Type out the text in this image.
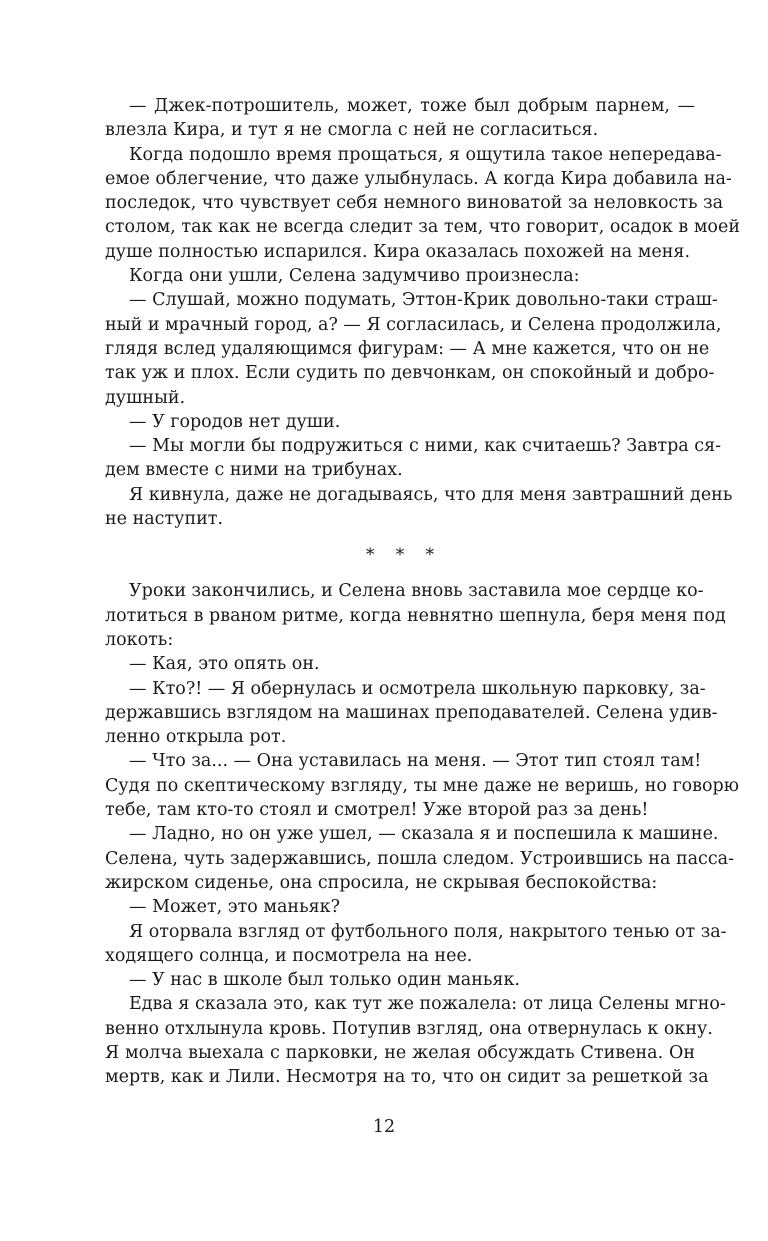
— Джек-потрошитель, может, тоже был добрым парнем, —
влезла Кира, и тут я не смогла с ней не согласиться.
Когда подошло время прощаться, я ощутила такое непередава-
емое облегчение, что даже улыбнулась. А когда Кира добавила на-
последок, что чувствует себя немного виноватой за неловкость за
столом, так как не всегда следит за тем, что говорит, осадок в моей
душе полностью испарился. Кира оказалась похожей на меня.
Когда они ушли, Селена задумчиво произнесла:
— Слушай, можно подумать, Эттон-Крик довольно-таки страш-
ный и мрачный город, а? — Я согласилась, и Селена продолжила,
глядя вслед удаляющимся фигурам: — А мне кажется, что он не
так уж и плох. Если судить по девчонкам, он спокойный и добро-
душный.
— У городов нет души.
— Мы могли бы подружиться с ними, как считаешь? Завтра ся-
дем вместе с ними на трибунах.
Я кивнула, даже не догадываясь, что для меня завтрашний день
не наступит.
* * *
Уроки закончились, и Селена вновь заставила мое сердце ко-
лотиться в рваном ритме, когда невнятно шепнула, беря меня под
локоть:
— Кая, это опять он.
— Кто?! — Я обернулась и осмотрела школьную парковку, за-
державшись взглядом на машинах преподавателей. Селена удив-
ленно открыла рот.
— Что за... — Она уставилась на меня. — Этот тип стоял там!
Судя по скептическому взгляду, ты мне даже не веришь, но говорю
тебе, там кто-то стоял и смотрел! Уже второй раз за день!
— Ладно, но он уже ушел, — сказала я и поспешила к машине.
Селена, чуть задержавшись, пошла следом. Устроившись на пасса-
жирском сиденье, она спросила, не скрывая беспокойства:
— Может, это маньяк?
Я оторвала взгляд от футбольного поля, накрытого тенью от за-
ходящего солнца, и посмотрела на нее.
— У нас в школе был только один маньяк.
Едва я сказала это, как тут же пожалела: от лица Селены мгно-
венно отхлынула кровь. Потупив взгляд, она отвернулась к окну.
Я молча выехала с парковки, не желая обсуждать Стивена. Он
мертв, как и Лили. Несмотря на то, что он сидит за решеткой за
12
